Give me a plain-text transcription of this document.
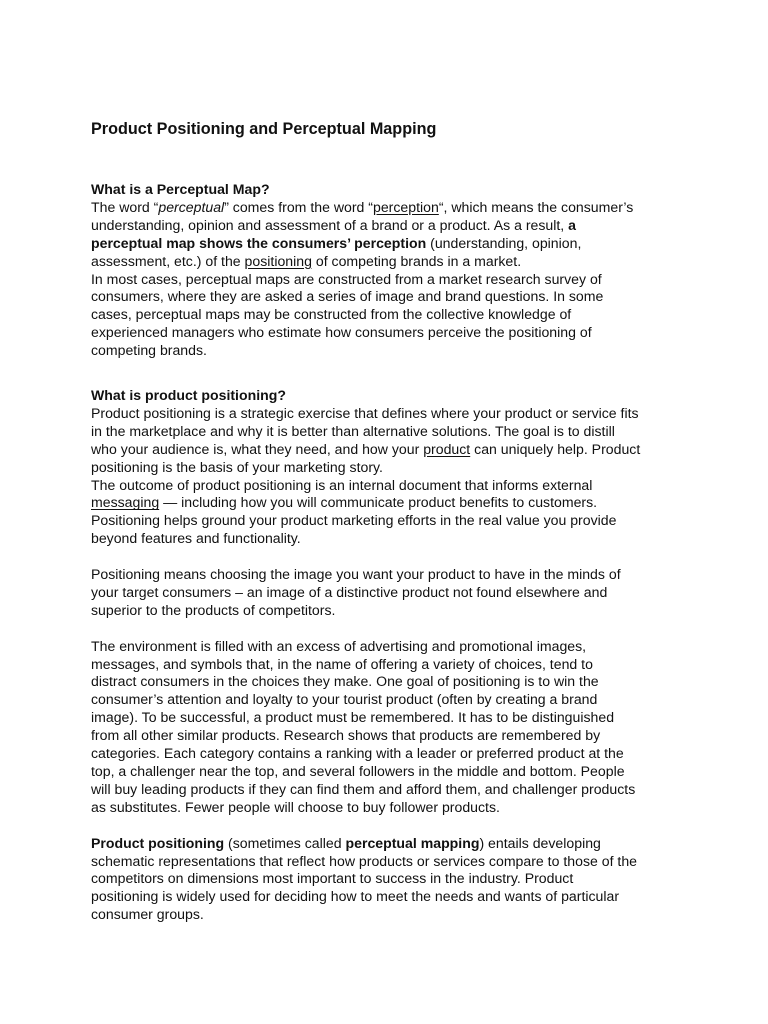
Product Positioning and Perceptual Mapping

What is a Perceptual Map?

The word “perceptual” comes from the word “perception“, which means the consumer’s
understanding, opinion and assessment of a brand or a product. As a result, a
perceptual map shows the consumers’ perception (understanding, opinion,
assessment, etc.) of the positioning of competing brands in a market.

In most cases, perceptual maps are constructed from a market research survey of
consumers, where they are asked a series of image and brand questions. In some
cases, perceptual maps may be constructed from the collective knowledge of
experienced managers who estimate how consumers perceive the positioning of
competing brands.

What is product positioning?

Product positioning is a strategic exercise that defines where your product or service fits
in the marketplace and why it is better than alternative solutions. The goal is to distill
who your audience is, what they need, and how your product can uniquely help. Product
positioning is the basis of your marketing story.

The outcome of product positioning is an internal document that informs external
messaging — including how you will communicate product benefits to customers.
Positioning helps ground your product marketing efforts in the real value you provide
beyond features and functionality.

Positioning means choosing the image you want your product to have in the minds of
your target consumers – an image of a distinctive product not found elsewhere and
superior to the products of competitors.

The environment is filled with an excess of advertising and promotional images,
messages, and symbols that, in the name of offering a variety of choices, tend to
distract consumers in the choices they make. One goal of positioning is to win the
consumer’s attention and loyalty to your tourist product (often by creating a brand
image). To be successful, a product must be remembered. It has to be distinguished
from all other similar products. Research shows that products are remembered by
categories. Each category contains a ranking with a leader or preferred product at the
top, a challenger near the top, and several followers in the middle and bottom. People
will buy leading products if they can find them and afford them, and challenger products
as substitutes. Fewer people will choose to buy follower products.

Product positioning (sometimes called perceptual mapping) entails developing
schematic representations that reflect how products or services compare to those of the
competitors on dimensions most important to success in the industry. Product
positioning is widely used for deciding how to meet the needs and wants of particular
consumer groups.
